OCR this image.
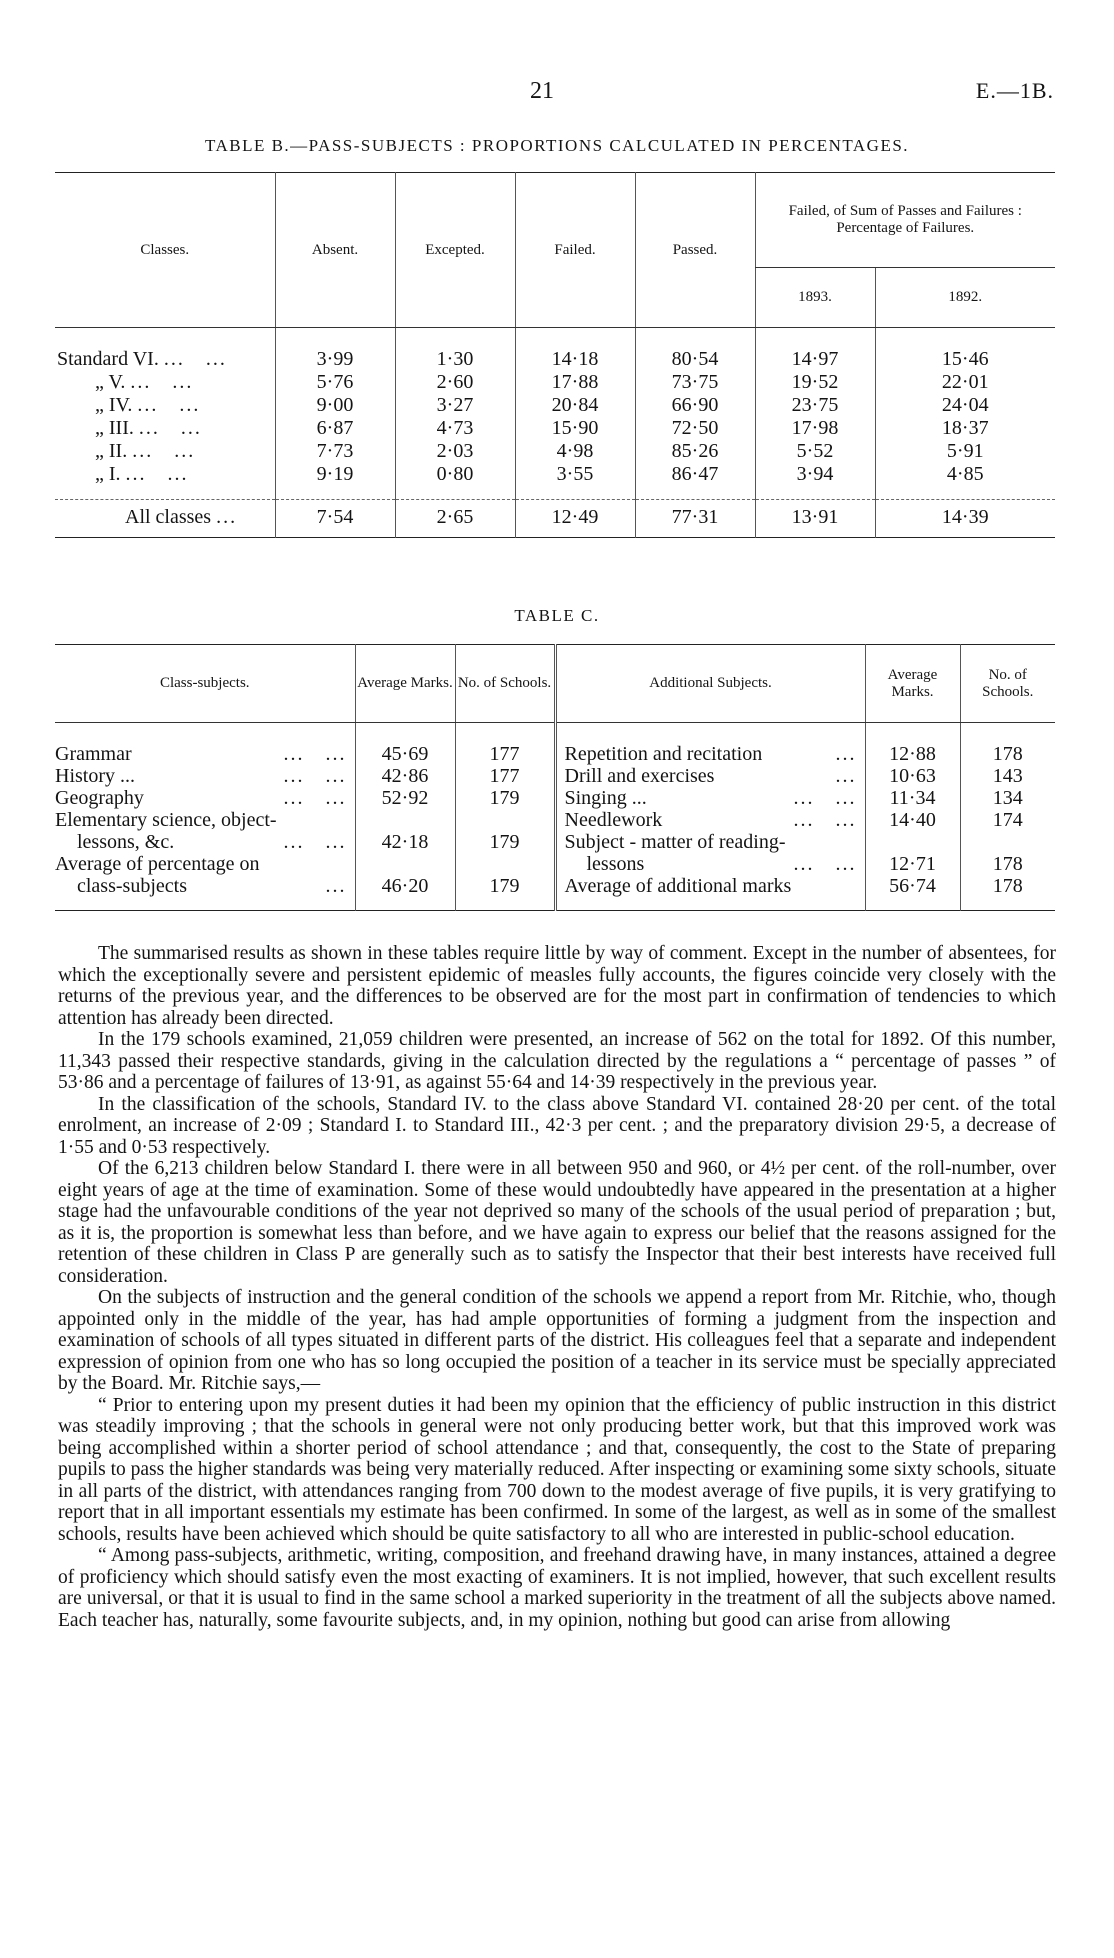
21	E.—1B.
TABLE B.—PASS-SUBJECTS : PROPORTIONS CALCULATED IN PERCENTAGES.
Classes.	Absent.	Excepted.	Failed.	Passed.	Failed, of Sum of Passes and Failures : Percentage of Failures.	
					1893.	1892.

Standard VI. ...   ...	3·99	1·30	14·18	80·54	14·97	15·46
„ V. ...   ...	5·76	2·60	17·88	73·75	19·52	22·01
„ IV. ...   ...	9·00	3·27	20·84	66·90	23·75	24·04
„ III. ...   ...	6·87	4·73	15·90	72·50	17·98	18·37
„ II. ...   ...	7·73	2·03	4·98	85·26	5·52	5·91
„ I. ...   ...	9·19	0·80	3·55	86·47	3·94	4·85

All classes ...	7·54	2·65	12·49	77·31	13·91	14·39
TABLE C.
Class-subjects.	Average Marks.	No. of Schools.	Additional Subjects.	Average Marks.	No. of Schools.

Grammar ...   ...	45·69	177	Repetition and recitation ...	12·88	178
History ... ...   ...	42·86	177	Drill and exercises ...	10·63	143
Geography ...   ...	52·92	179	Singing ... ...   ...	11·34	134
Elementary science, object-			Needlework ...   ...	14·40	174
lessons, &c. ...   ...	42·18	179	Subject - matter of reading-		
Average of percentage on			lessons ...   ...	12·71	178
class-subjects ...	46·20	179	Average of additional marks	56·74	178

The summarised results as shown in these tables require little by way of comment. Except in the number of absentees, for which the exceptionally severe and persistent epidemic of measles fully accounts, the figures coincide very closely with the returns of the previous year, and the differences to be observed are for the most part in confirmation of tendencies to which attention has already been directed.

In the 179 schools examined, 21,059 children were presented, an increase of 562 on the total for 1892. Of this number, 11,343 passed their respective standards, giving in the calculation directed by the regulations a “ percentage of passes ” of 53·86 and a percentage of failures of 13·91, as against 55·64 and 14·39 respectively in the previous year.

In the classification of the schools, Standard IV. to the class above Standard VI. contained 28·20 per cent. of the total enrolment, an increase of 2·09 ; Standard I. to Standard III., 42·3 per cent. ; and the preparatory division 29·5, a decrease of 1·55 and 0·53 respectively.

Of the 6,213 children below Standard I. there were in all between 950 and 960, or 4½ per cent. of the roll-number, over eight years of age at the time of examination. Some of these would undoubtedly have appeared in the presentation at a higher stage had the unfavourable conditions of the year not deprived so many of the schools of the usual period of preparation ; but, as it is, the proportion is somewhat less than before, and we have again to express our belief that the reasons assigned for the retention of these children in Class P are generally such as to satisfy the Inspector that their best interests have received full consideration.

On the subjects of instruction and the general condition of the schools we append a report from Mr. Ritchie, who, though appointed only in the middle of the year, has had ample opportunities of forming a judgment from the inspection and examination of schools of all types situated in different parts of the district. His colleagues feel that a separate and independent expression of opinion from one who has so long occupied the position of a teacher in its service must be specially appreciated by the Board. Mr. Ritchie says,—

“ Prior to entering upon my present duties it had been my opinion that the efficiency of public instruction in this district was steadily improving ; that the schools in general were not only producing better work, but that this improved work was being accomplished within a shorter period of school attendance ; and that, consequently, the cost to the State of preparing pupils to pass the higher standards was being very materially reduced. After inspecting or examining some sixty schools, situate in all parts of the district, with attendances ranging from 700 down to the modest average of five pupils, it is very gratifying to report that in all important essentials my estimate has been confirmed. In some of the largest, as well as in some of the smallest schools, results have been achieved which should be quite satisfactory to all who are interested in public-school education.

“ Among pass-subjects, arithmetic, writing, composition, and freehand drawing have, in many instances, attained a degree of proficiency which should satisfy even the most exacting of examiners. It is not implied, however, that such excellent results are universal, or that it is usual to find in the same school a marked superiority in the treatment of all the subjects above named. Each teacher has, naturally, some favourite subjects, and, in my opinion, nothing but good can arise from allowing
